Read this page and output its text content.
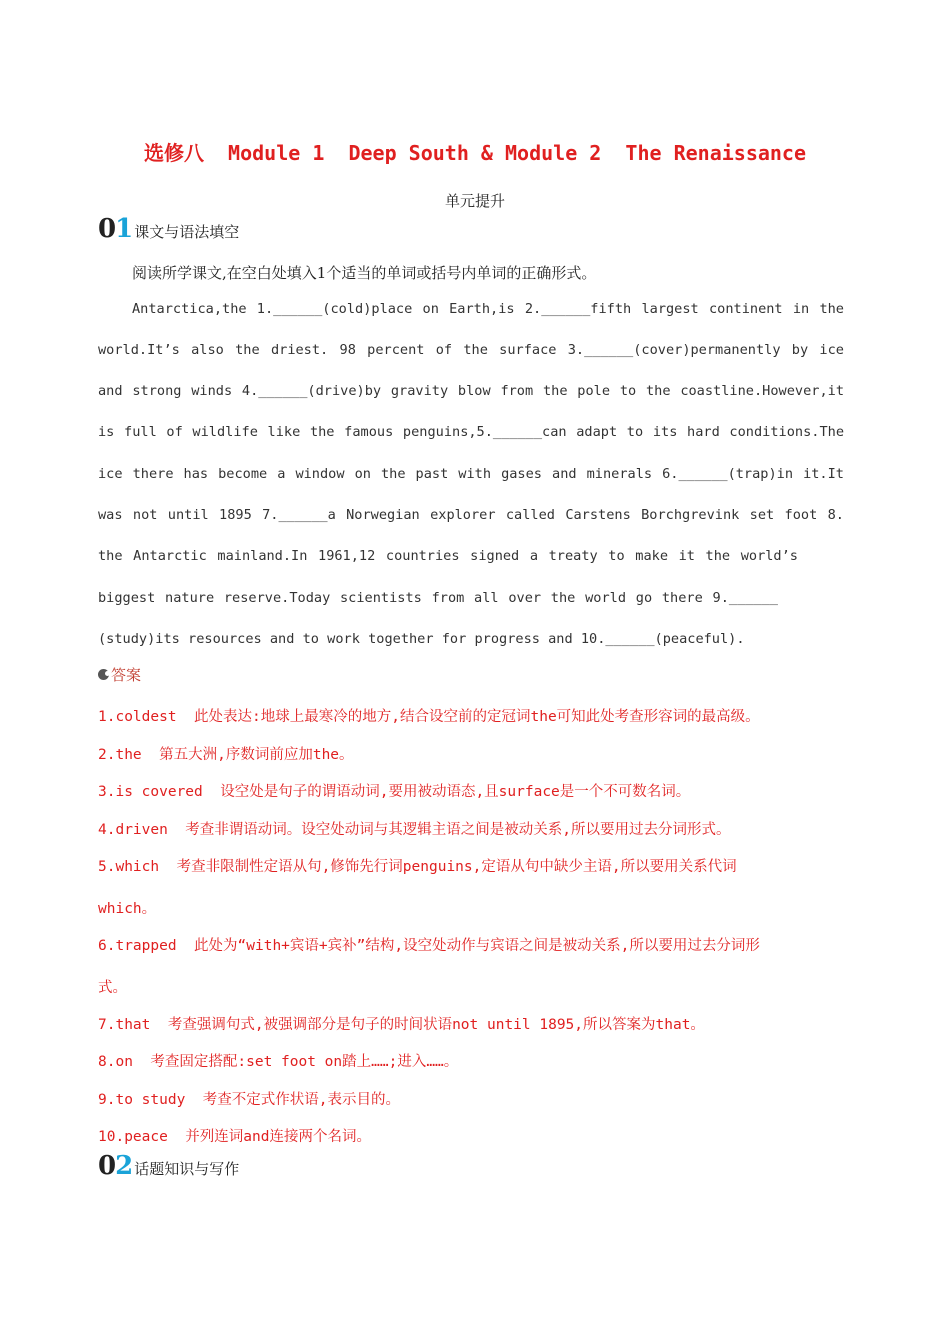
选修八  Module 1  Deep South & Module 2  The Renaissance
单元提升
0 1 课文与语法填空
阅读所学课文,在空白处填入1个适当的单词或括号内单词的正确形式。
Antarctica,the 1.______(cold)place on Earth,is 2.______fifth largest continent in the
world.It’s also the driest. 98 percent of the surface 3.______(cover)permanently by ice
and strong winds 4.______(drive)by gravity blow from the pole to the coastline.However,it
is full of wildlife like the famous penguins,5.______can adapt to its hard conditions.The
ice there has become a window on the past with gases and minerals 6.______(trap)in it.It
was not until 1895 7.______a Norwegian explorer called Carstens Borchgrevink set foot 8.
the Antarctic mainland.In 1961,12 countries signed a treaty to make it the world’s
biggest nature reserve.Today scientists from all over the world go there 9.______
(study)its resources and to work together for progress and 10.______(peaceful).
答案
1.coldest  此处表达:地球上最寒冷的地方,结合设空前的定冠词the可知此处考查形容词的最高级。
2.the  第五大洲,序数词前应加the。
3.is covered  设空处是句子的谓语动词,要用被动语态,且surface是一个不可数名词。
4.driven  考查非谓语动词。设空处动词与其逻辑主语之间是被动关系,所以要用过去分词形式。
5.which  考查非限制性定语从句,修饰先行词penguins,定语从句中缺少主语,所以要用关系代词
which。
6.trapped  此处为“with+宾语+宾补”结构,设空处动作与宾语之间是被动关系,所以要用过去分词形
式。
7.that  考查强调句式,被强调部分是句子的时间状语not until 1895,所以答案为that。
8.on  考查固定搭配:set foot on踏上……;进入……。
9.to study  考查不定式作状语,表示目的。
10.peace  并列连词and连接两个名词。
0 2 话题知识与写作
